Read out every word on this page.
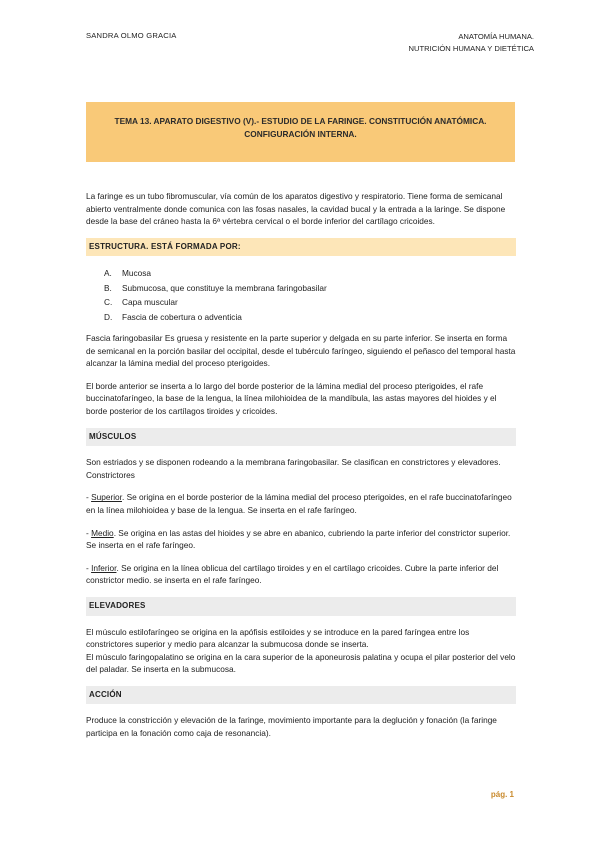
SANDRA OLMO GRACIA	ANATOMÍA HUMANA.
NUTRICIÓN HUMANA Y DIETÉTICA
TEMA 13. APARATO DIGESTIVO (V).- ESTUDIO DE LA FARINGE. CONSTITUCIÓN ANATÓMICA.
CONFIGURACIÓN INTERNA.

La faringe es un tubo fibromuscular, vía común de los aparatos digestivo y respiratorio. Tiene forma de semicanal abierto ventralmente donde comunica con las fosas nasales, la cavidad bucal y la entrada a la laringe. Se dispone desde la base del cráneo hasta la 6ª vértebra cervical o el borde inferior del cartílago cricoides.

ESTRUCTURA. ESTÁ FORMADA POR:
A.	Mucosa
B.	Submucosa, que constituye la membrana faringobasilar
C.	Capa muscular
D.	Fascia de cobertura o adventicia

Fascia faringobasilar Es gruesa y resistente en la parte superior y delgada en su parte inferior. Se inserta en forma de semicanal en la porción basilar del occipital, desde el tubérculo faríngeo, siguiendo el peñasco del temporal hasta alcanzar la lámina medial del proceso pterigoides.

El borde anterior se inserta a lo largo del borde posterior de la lámina medial del proceso pterigoides, el rafe buccinatofaríngeo, la base de la lengua, la línea milohioidea de la mandíbula, las astas mayores del hioides y el borde posterior de los cartílagos tiroides y cricoides.

MÚSCULOS

Son estriados y se disponen rodeando a la membrana faringobasilar. Se clasifican en constrictores y elevadores. Constrictores

- Superior. Se origina en el borde posterior de la lámina medial del proceso pterigoides, en el rafe buccinatofaríngeo en la línea milohioidea y base de la lengua. Se inserta en el rafe faríngeo.

- Medio. Se origina en las astas del hioides y se abre en abanico, cubriendo la parte inferior del constrictor superior. Se inserta en el rafe faríngeo.

- Inferior. Se origina en la línea oblicua del cartílago tiroides y en el cartílago cricoides. Cubre la parte inferior del constrictor medio. se inserta en el rafe faríngeo.

ELEVADORES

El músculo estilofaríngeo se origina en la apófisis estiloides y se introduce en la pared faríngea entre los constrictores superior y medio para alcanzar la submucosa donde se inserta.
El músculo faringopalatino se origina en la cara superior de la aponeurosis palatina y ocupa el pilar posterior del velo del paladar. Se inserta en la submucosa.

ACCIÓN

Produce la constricción y elevación de la faringe, movimiento importante para la deglución y fonación (la faringe participa en la fonación como caja de resonancia).

pág. 1
